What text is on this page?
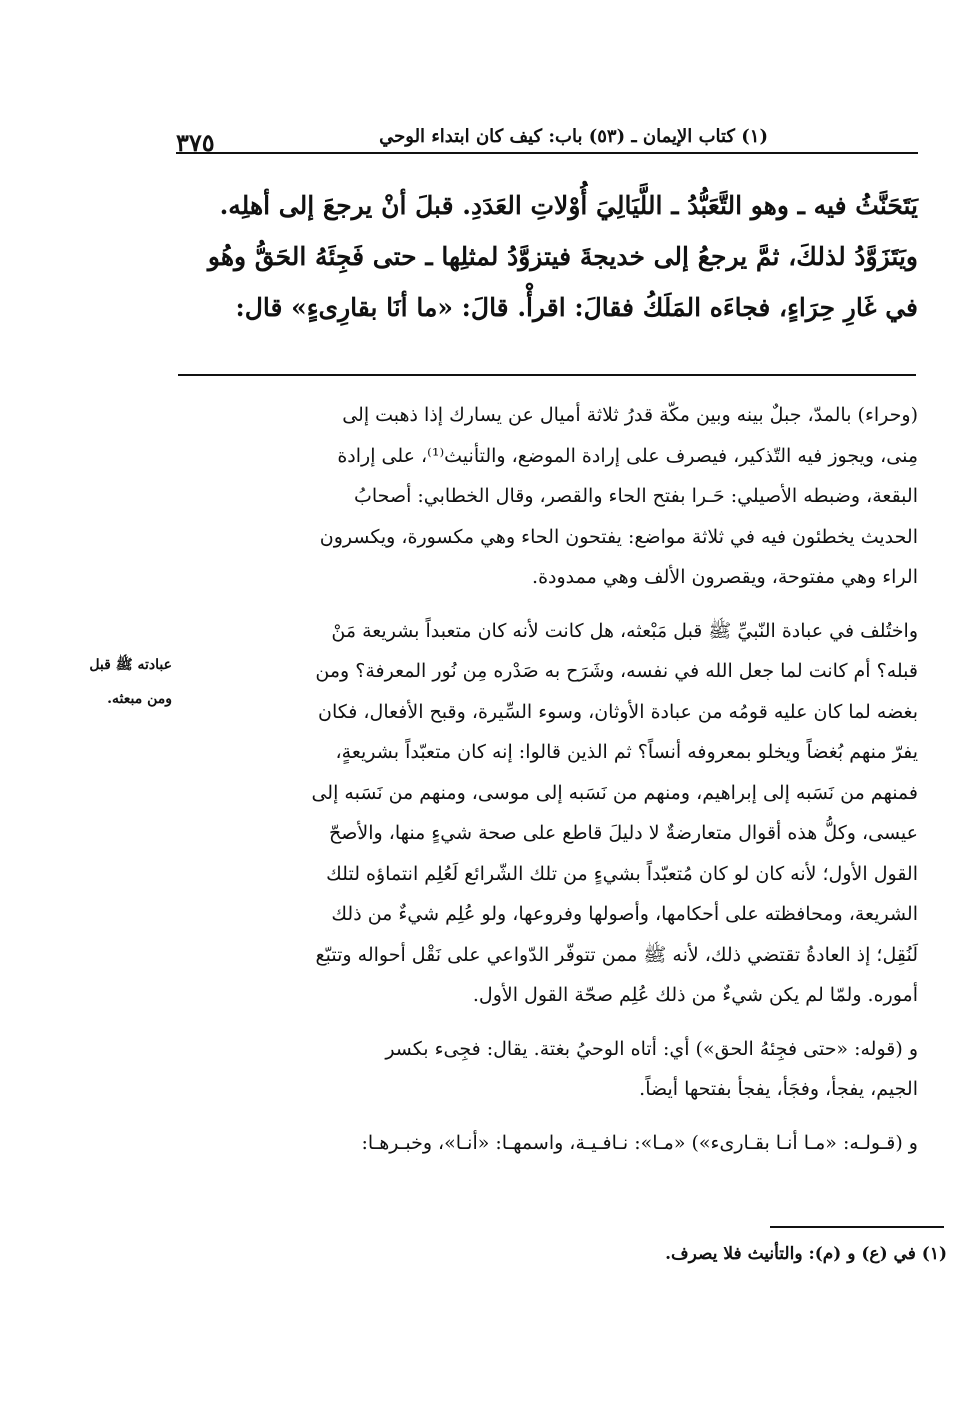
(١) كتاب الإيمان ـ (٥٣) باب: كيف كان ابتداء الوحي
٣٧٥

يَتَحَنَّثُ فيه ـ وهو التَّعَبُّدُ ـ اللَّيَالِيَ أُوْلاتِ العَدَدِ. قبلَ أنْ يرجعَ إلى أهلِه.

ويَتَزَوَّدُ لذلكَ، ثمَّ يرجعُ إلى خديجةَ فيتزوَّدُ لمثلِها ـ حتى فَجِئَهُ الحَقُّ وهُو

في غَارِ حِرَاءٍ، فجاءَه المَلَكُ فقالَ: اقرأْ. قالَ: «ما أنَا بقارِىءٍ» قال:

(وحراء) بالمدّ، جبلٌ بينه وبين مكّة قدرُ ثلاثة أميال عن يسارك إذا ذهبت إلى

مِنى، ويجوز فيه التّذكير، فيصرف على إرادة الموضع، والتأنيث⁽¹⁾، على إرادة

البقعة، وضبطه الأصيلي: حَـرا بفتح الحاء والقصر، وقال الخطابي: أصحابُ

الحديث يخطئون فيه في ثلاثة مواضع: يفتحون الحاء وهي مكسورة، ويكسرون

الراء وهي مفتوحة، ويقصرون الألف وهي ممدودة.

واختُلف في عبادة النّبيِّ ﷺ قبل مَبْعثه، هل كانت لأنه كان متعبداً بشريعة مَنْ

قبله؟ أم كانت لما جعل الله في نفسه، وشَرَح به صَدْره مِن نُور المعرفة؟ ومن

بغضه لما كان عليه قومُه من عبادة الأوثان، وسوء السِّيرة، وقبح الأفعال، فكان

يفرّ منهم بُغضاً ويخلو بمعروفه أنساً؟ ثم الذين قالوا: إنه كان متعبّداً بشريعةٍ،

فمنهم من نَسَبه إلى إبراهيم، ومنهم من نَسَبه إلى موسى، ومنهم من نَسَبه إلى

عيسى، وكلُّ هذه أقوال متعارضةٌ لا دليلَ قاطع على صحة شيءٍ منها، والأصحّ

القول الأول؛ لأنه كان لو كان مُتعبّداً بشيءٍ من تلك الشّرائع لَعُلِم انتماؤه لتلك

الشريعة، ومحافظته على أحكامها، وأصولها وفروعها، ولو عُلِم شيءٌ من ذلك

لَنُقِل؛ إذ العادةُ تقتضي ذلك، لأنه ﷺ ممن تتوفّر الدّواعي على نَقْل أحواله وتتبّع

أموره. ولمّا لم يكن شيءٌ من ذلك عُلِم صحّة القول الأول.

و (قوله: «حتى فجِئهُ الحق») أي: أتاه الوحيُ بغتة. يقال: فجِىء بكسر

الجيم، يفجأ، وفجَأ، يفجأ بفتحها أيضاً.

و (قـولـه: «مـا أنـا بقـارىء») «مـا»: نـافـيـة، واسمهـا: «أنـا»، وخبـرهـا:

عبادته ﷺ قبل

ومن مبعثه.

(١) في (ع) و (م): والتأنيث فلا يصرف.
